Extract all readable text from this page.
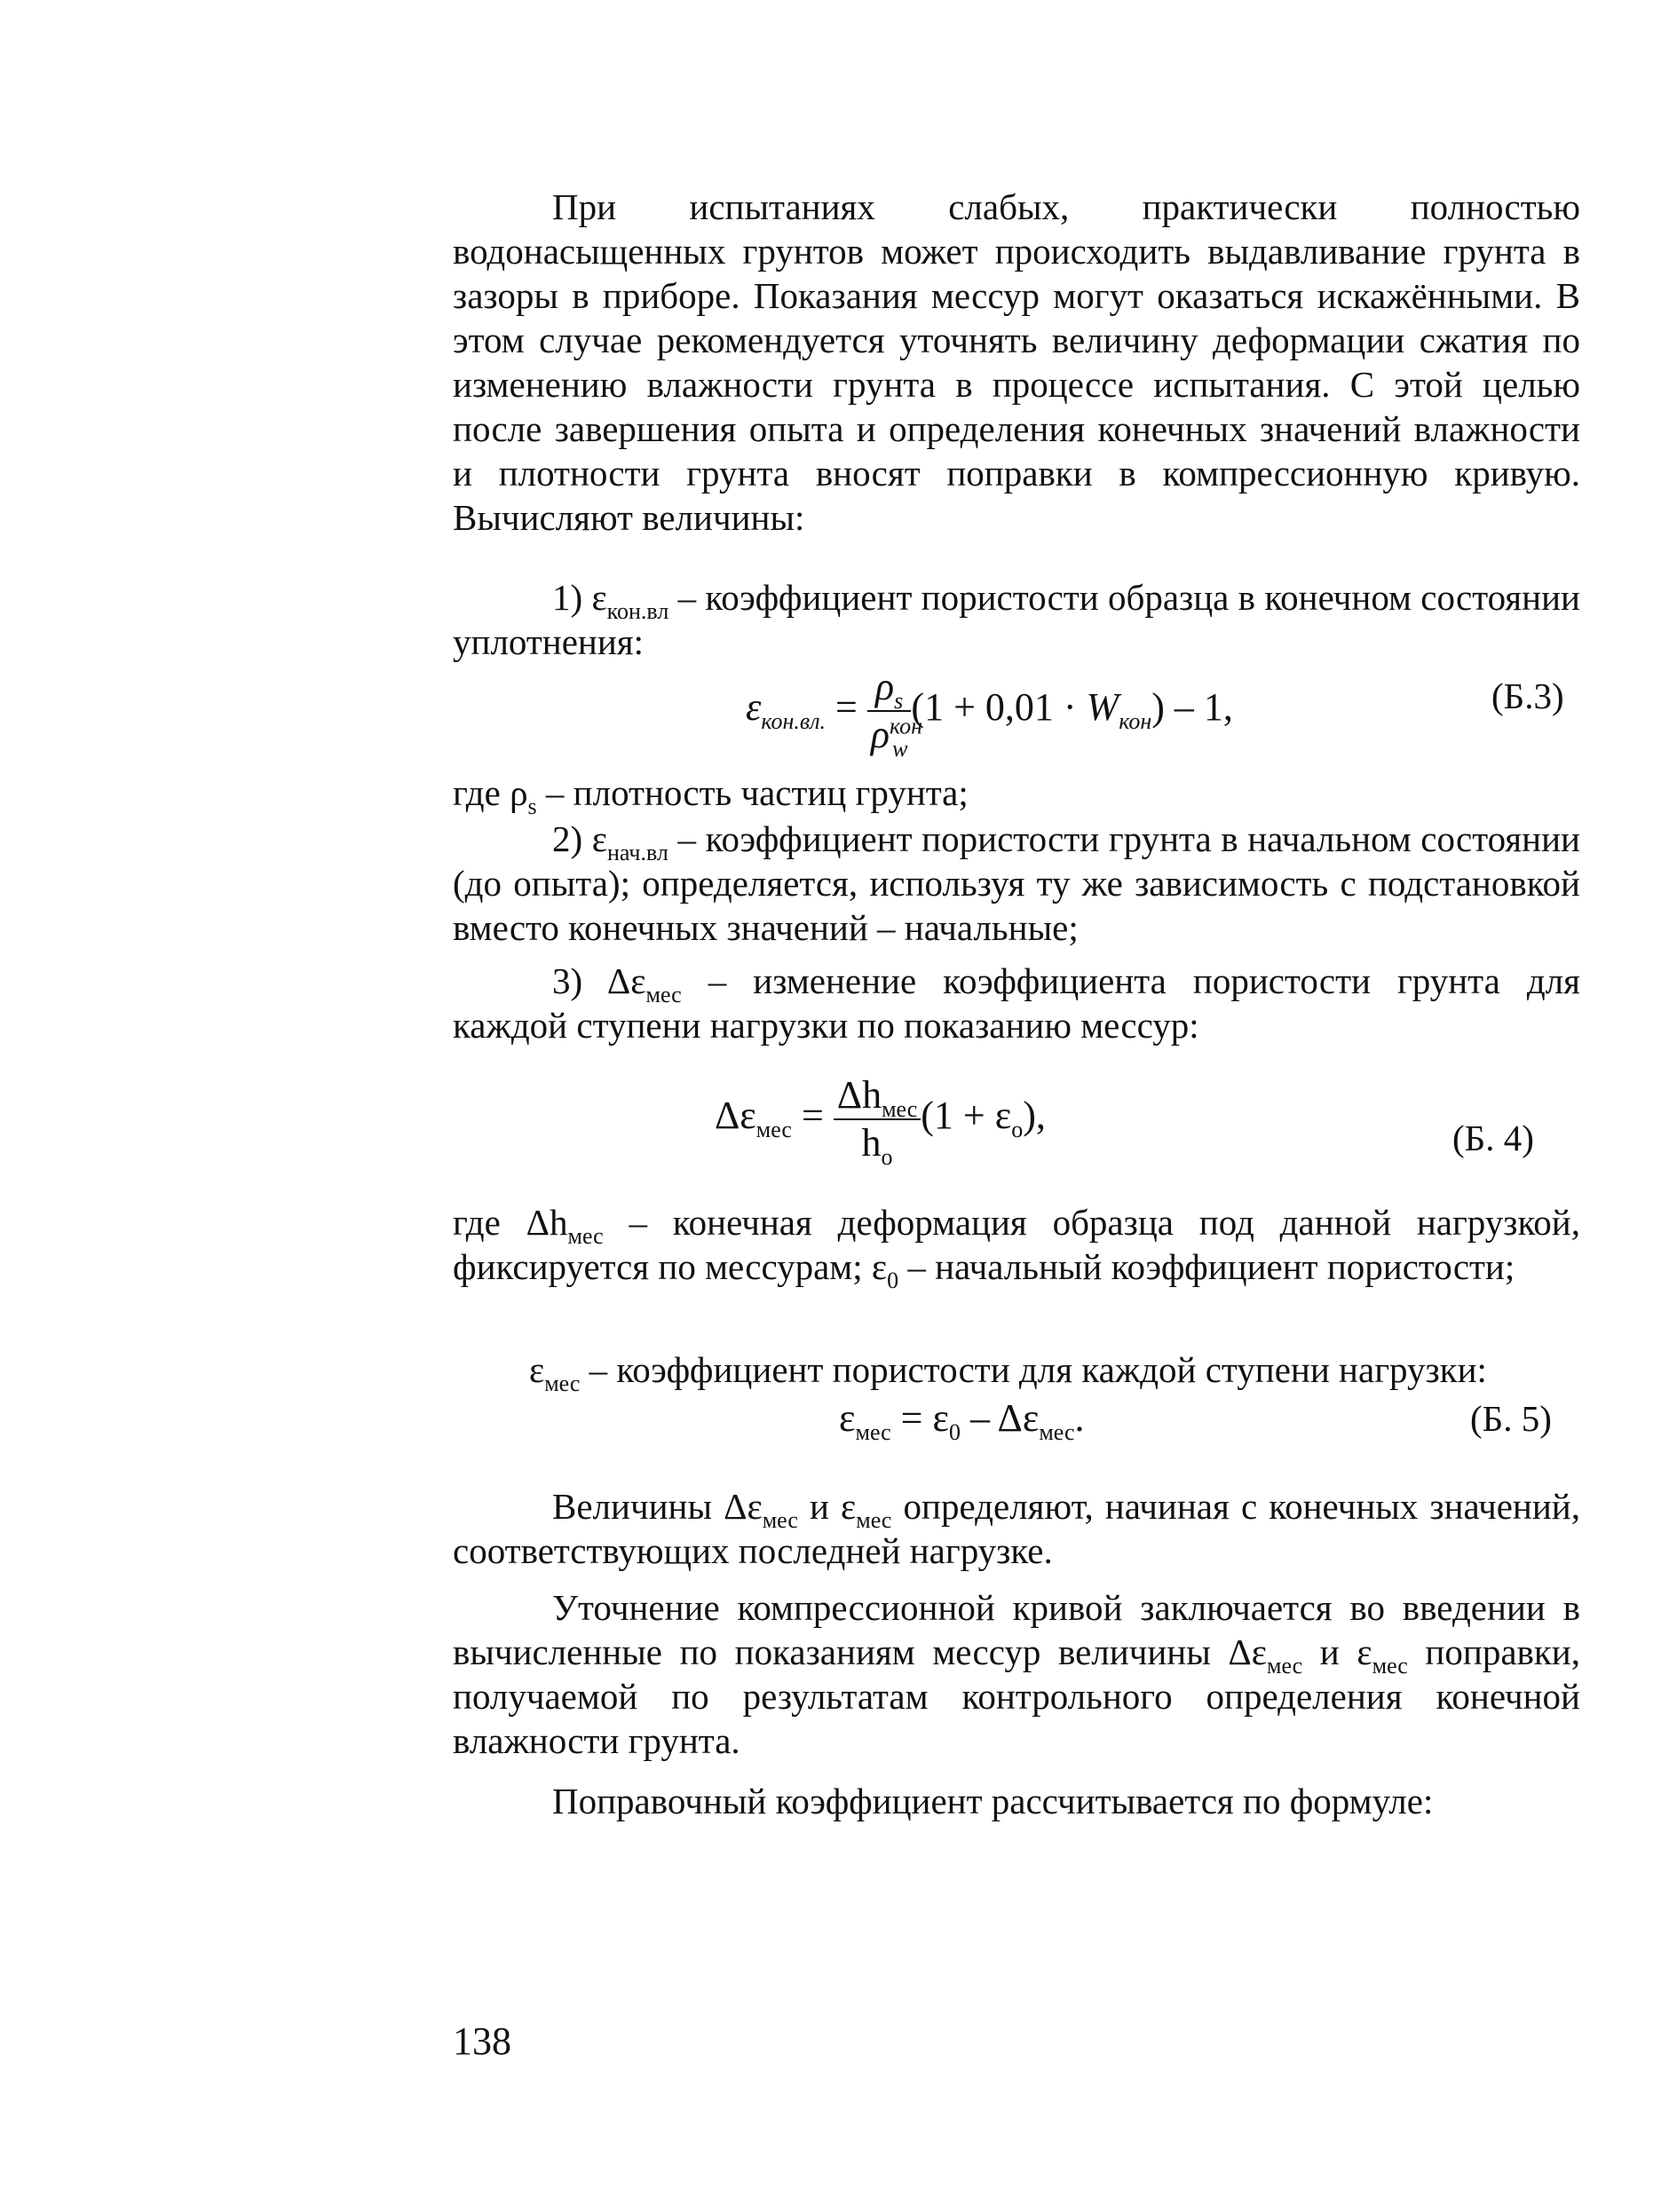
При испытаниях слабых, практически полностью водонасыщенных грунтов может происходить выдавливание грунта в зазоры в приборе. Показания мессур могут оказаться искажёнными. В этом случае рекомендуется уточнять величину деформации сжатия по изменению влажности грунта в процессе испытания. С этой целью после завершения опыта и определения конечных значений влажности и плотности грунта вносят поправки в компрессионную кривую. Вычисляют величины:

1) $\varepsilon_{кон.вл}$ – коэффициент пористости образца в конечном состоянии уплотнения:

$\varepsilon_{кон.вл.} = \frac{\rho_s}{\rho^{кон}_w} (1 + 0,01 \cdot W_{кон}) - 1$,	(Б.3)

где $\rho_s$ – плотность частиц грунта;

2) $\varepsilon_{нач.вл}$ – коэффициент пористости грунта в начальном состоянии (до опыта); определяется, используя ту же зависимость с подстановкой вместо конечных значений – начальные;

3) $\Delta\varepsilon_{мес}$ – изменение коэффициента пористости грунта для каждой ступени нагрузки по показанию мессур:

$\Delta\varepsilon_{мес} = \frac{\Delta h_{мес}}{h_o} (1 + \varepsilon_o)$,
(Б. 4)

где $\Delta h_{мес}$ – конечная деформация образца под данной нагрузкой, фиксируется по мессурам; $\varepsilon_0$ – начальный коэффициент пористости;

$\varepsilon_{мес}$ – коэффициент пористости для каждой ступени нагрузки:
$\varepsilon_{мес} = \varepsilon_0 - \Delta\varepsilon_{мес}$.	(Б. 5)

Величины $\Delta\varepsilon_{мес}$ и $\varepsilon_{мес}$ определяют, начиная с конечных значений, соответствующих последней нагрузке.

Уточнение компрессионной кривой заключается во введении в вычисленные по показаниям мессур величины $\Delta\varepsilon_{мес}$ и $\varepsilon_{мес}$ поправки, получаемой по результатам контрольного определения конечной влажности грунта.

Поправочный коэффициент рассчитывается по формуле:

138
